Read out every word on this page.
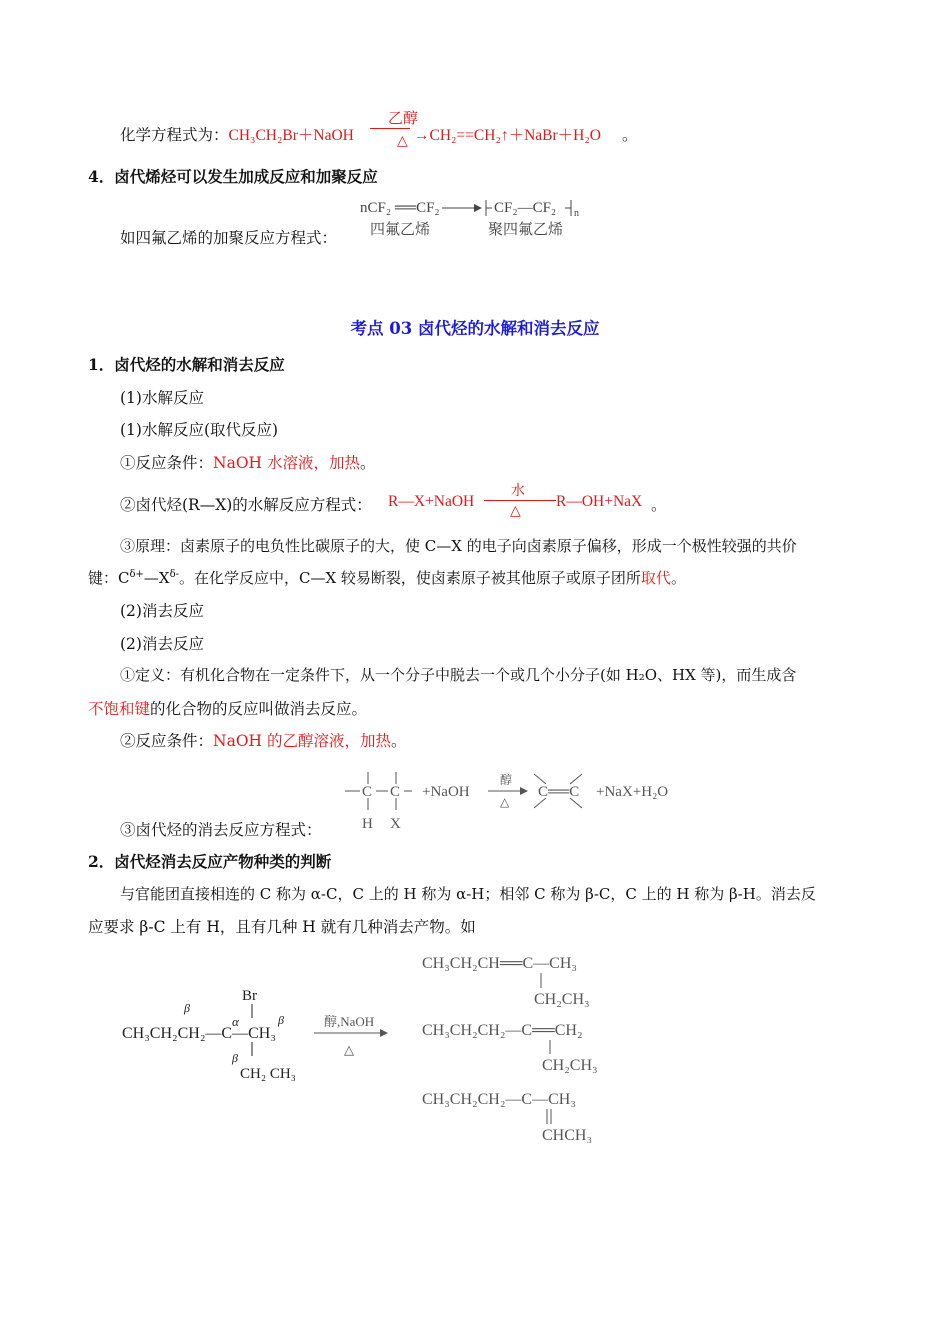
化学方程式为：CH₃CH₂Br＋NaOH
乙醇
△ →CH₂==CH₂↑＋NaBr＋H₂O 。
4．卤代烯烃可以发生加成反应和加聚反应
如四氟乙烯的加聚反应方程式：
nCF₂ ══CF₂	CF₂—CF₂ n
四氟乙烯	聚四氟乙烯
考点 03 卤代烃的水解和消去反应
1．卤代烃的水解和消去反应
(1)水解反应
(1)水解反应(取代反应)
①反应条件：NaOH 水溶液，加热。
②卤代烃(R—X)的水解反应方程式： R—X+NaOH
水
△
R—OH+NaX 。
③原理：卤素原子的电负性比碳原子的大，使 C—X 的电子向卤素原子偏移，形成一个极性较强的共价
键：$C^{\delta+}—X^{\delta-}$。在化学反应中，C—X 较易断裂，使卤素原子被其他原子或原子团所取代。
(2)消去反应
(2)消去反应
①定义：有机化合物在一定条件下，从一个分子中脱去一个或几个小分子(如 H₂O、HX 等)，而生成含
不饱和键的化合物的反应叫做消去反应。
②反应条件：NaOH 的乙醇溶液，加热。
③卤代烃的消去反应方程式：
C C
H X
+NaOH
醇
△
C══C +NaX+H₂O
2．卤代烃消去反应产物种类的判断
与官能团直接相连的 C 称为 α-C，C 上的 H 称为 α-H；相邻 C 称为 β-C，C 上的 H 称为 β-H。消去反
应要求 β-C 上有 H，且有几种 H 就有几种消去产物。如
Br
α
β
β
CH₃CH₂CH₂—C—CH₃
β
CH₂ CH₃
醇,NaOH
△
CH₃CH₂CH══C—CH₃
CH₂CH₃
CH₃CH₂CH₂—C══CH₂
CH₂CH₃
CH₃CH₂CH₂—C—CH₃
CHCH₃
